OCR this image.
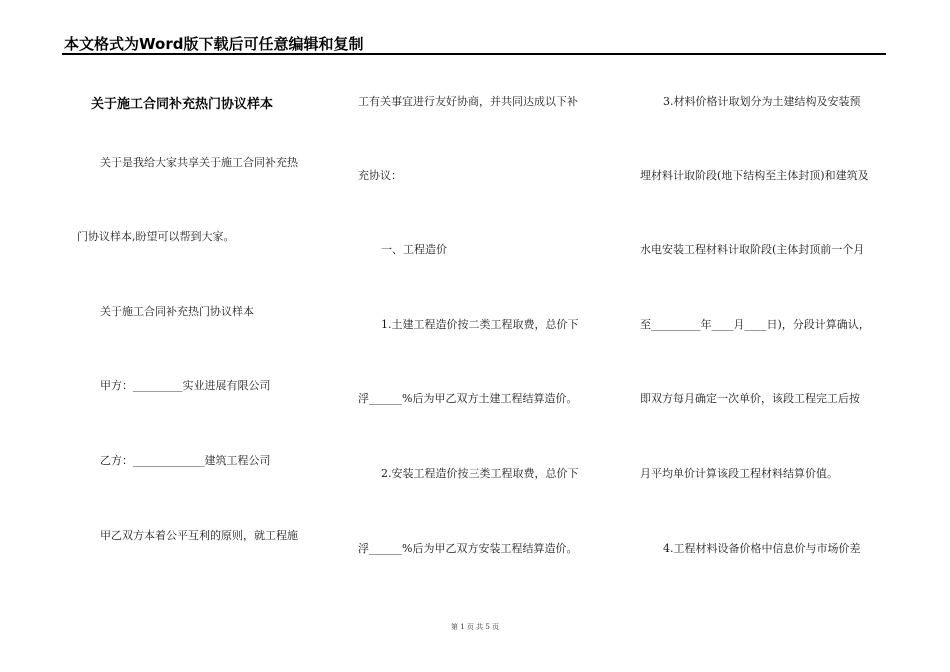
本文格式为Word版下载后可任意编辑和复制
关于施工合同补充热门协议样本
关于是我给大家共享关于施工合同补充热
门协议样本,盼望可以帮到大家。
关于施工合同补充热门协议样本
甲方：_________实业进展有限公司
乙方：_____________建筑工程公司
甲乙双方本着公平互利的原则，就工程施
工有关事宜进行友好协商，并共同达成以下补
充协议：
一、工程造价
1.土建工程造价按二类工程取费，总价下
浮______%后为甲乙双方土建工程结算造价。
2.安装工程造价按三类工程取费，总价下
浮______%后为甲乙双方安装工程结算造价。
3.材料价格计取划分为土建结构及安装预
埋材料计取阶段(地下结构至主体封顶)和建筑及
水电安装工程材料计取阶段(主体封顶前一个月
至_________年____月____日)，分段计算确认，
即双方每月确定一次单价，该段工程完工后按
月平均单价计算该段工程材料结算价值。
4.工程材料设备价格中信息价与市场价差
第 1 页 共 5 页
